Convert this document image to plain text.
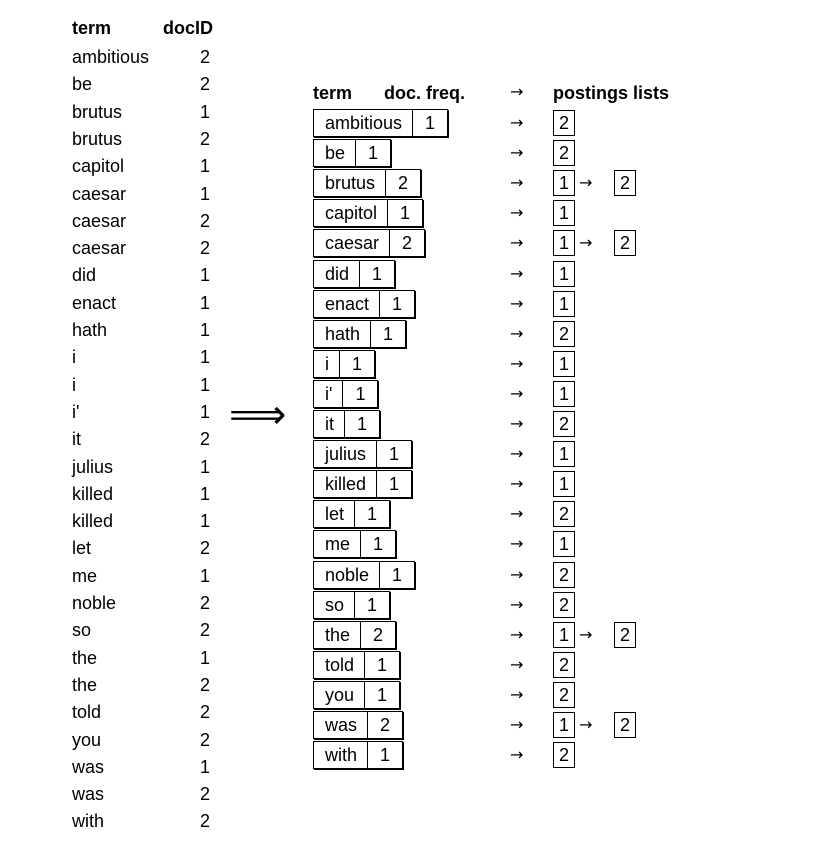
term	docID
ambitious	2
be	2
brutus	1
brutus	2
capitol	1
caesar	1
caesar	2
caesar	2
did	1
enact	1
hath	1
i	1
i	1
i'	1
it	2
julius	1
killed	1
killed	1
let	2
me	1
noble	2
so	2
the	1
the	2
told	2
you	2
was	1
was	2
with	2
⟹
term doc. freq.	→ postings lists
ambitious	1	→	2
be	1	→	2
brutus	2	→	1 →	2
capitol	1	→	1
caesar	2	→	1 →	2
did	1	→	1
enact	1	→	1
hath	1	→	2
i	1	→	1
i'	1	→	1
it	1	→	2
julius	1	→	1
killed	1	→	1
let	1	→	2
me	1	→	1
noble	1	→	2
so	1	→	2
the	2	→	1 →	2
told	1	→	2
you	1	→	2
was	2	→	1 →	2
with	1	→	2
